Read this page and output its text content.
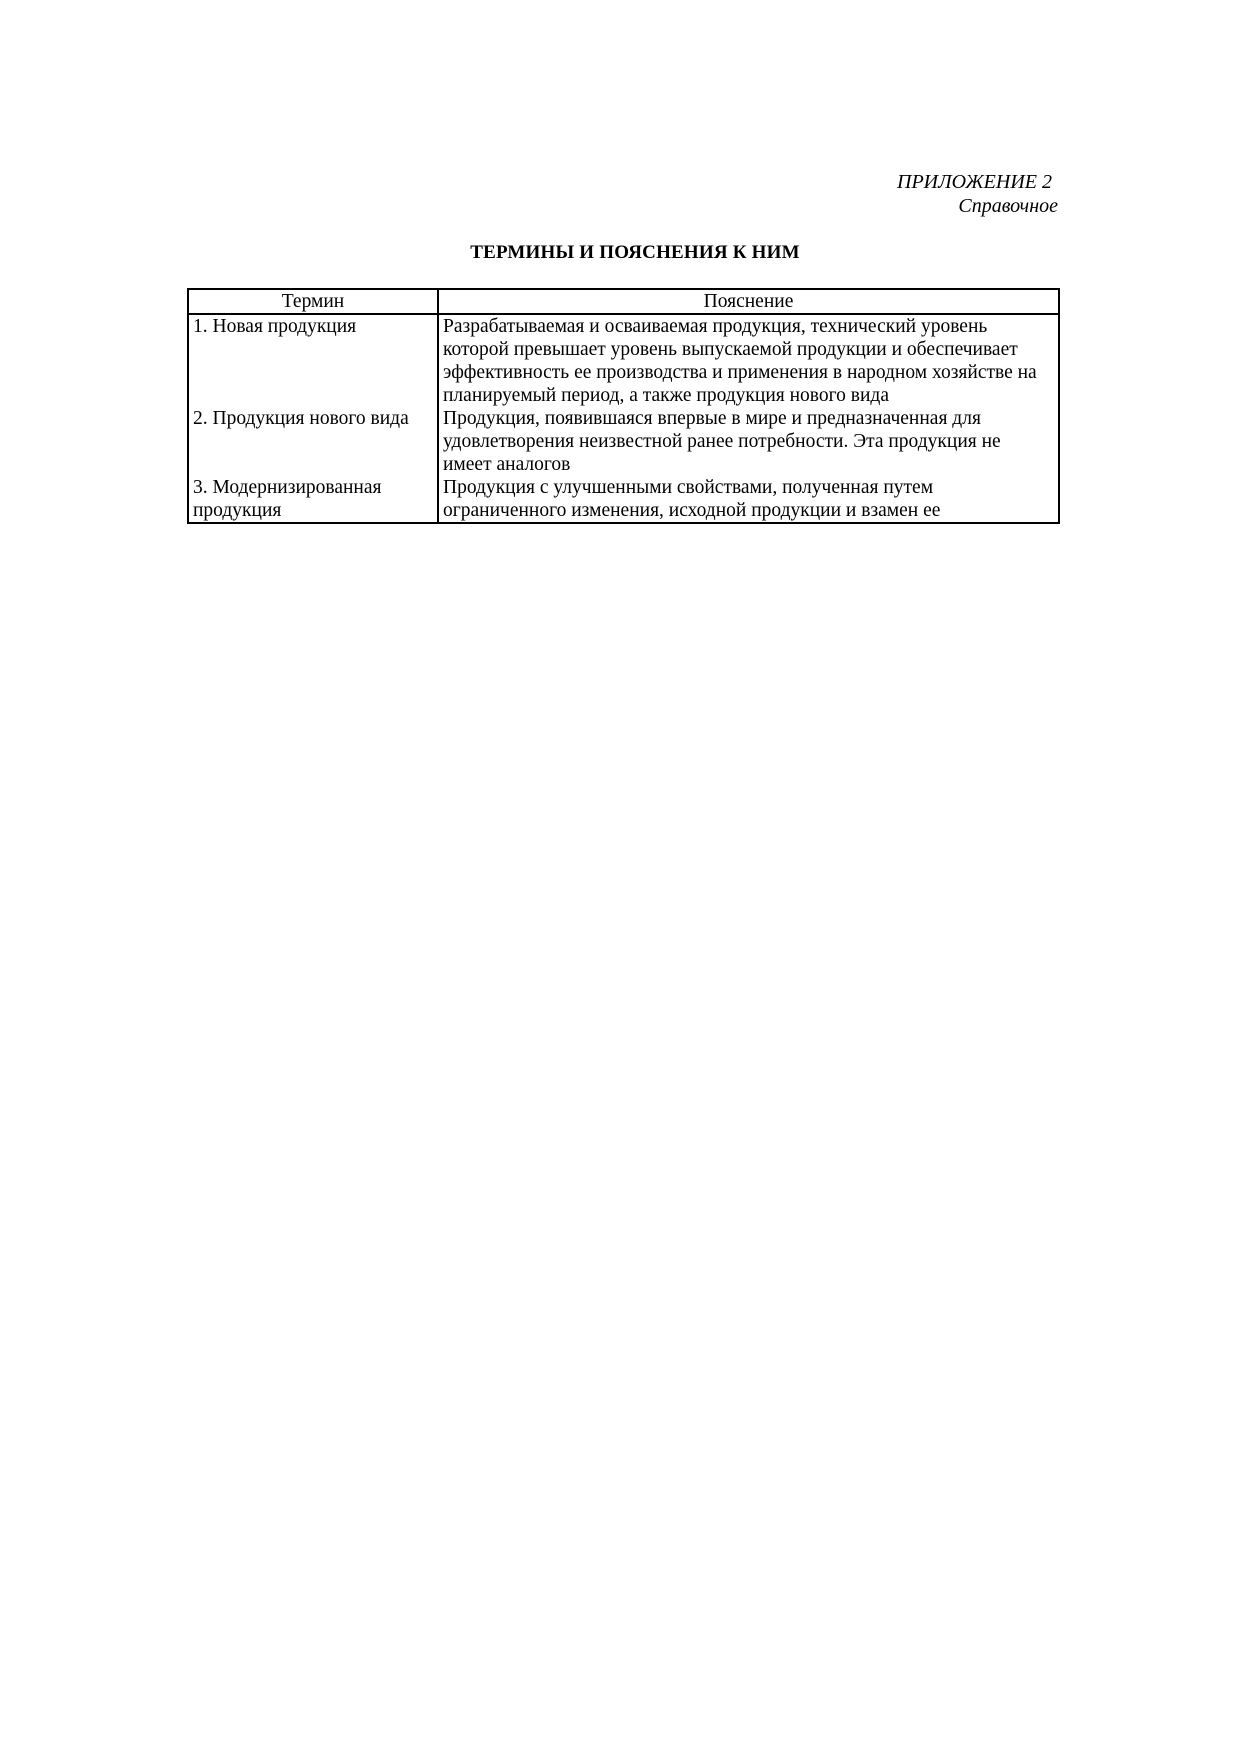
ПРИЛОЖЕНИЕ 2
Справочное
ТЕРМИНЫ И ПОЯСНЕНИЯ К НИМ
Термин	Пояснение
1. Новая продукция	Разрабатываемая и осваиваемая продукция, технический уровень которой превышает уровень выпускаемой продукции и обеспечивает эффективность ее производства и применения в народном хозяйстве на планируемый период, а также продукция нового вида
2. Продукция нового вида	Продукция, появившаяся впервые в мире и предназначенная для удовлетворения неизвестной ранее потребности. Эта продукция не имеет аналогов
3. Модернизированная продукция	Продукция с улучшенными свойствами, полученная путем ограниченного изменения, исходной продукции и взамен ее
